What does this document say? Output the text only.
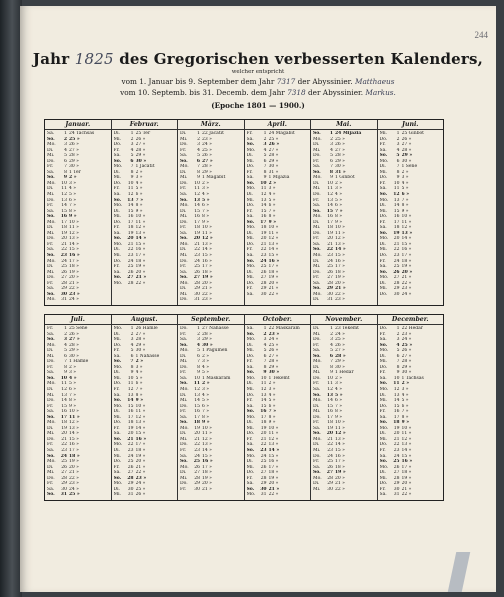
244
Jahr 1825 des Gregorischen verbesserten Kalenders,
welcher entspricht
vom 1. Januar bis 9. September dem Jahr 7317 der Abyssinier. Matthaeus
vom 10. Septemb. bis 31. Decemb. dem Jahr 7318 der Abyssinier. Markus.
(Epoche 1801 — 1900.)
Januar.
Sa.	1 24 Tachsas
So.	2 25 »
Mo.	3 26 »
Di.	4 27 »
Mi.	5 28 »
Do.	6 29 »
Fr.	7 30 »
Sa.	8 1 Ter
So.	9 2 »
Mo.	10 3 »
Di.	11 4 »
Mi.	12 5 »
Do.	13 6 »
Fr.	14 7 »
Sa.	15 8 »
So.	16 9 »
Mo.	17 10 »
Di.	18 11 »
Mi.	19 12 »
Do.	20 13 »
Fr.	21 14 »
Sa.	22 15 »
So.	23 16 »
Mo.	24 17 »
Di.	25 18 »
Mi.	26 19 »
Do.	27 20 »
Fr.	28 21 »
Sa.	29 22 »
So.	30 23 »
Mo.	31 24 »
Februar.
Di.	1 25 Ter
Mi.	2 26 »
Do.	3 27 »
Fr.	4 28 »
Sa.	5 29 »
So.	6 30 »
Mo.	7 1 Jacatit
Di.	8 2 »
Mi.	9 3 »
Do.	10 4 »
Fr.	11 5 »
Sa.	12 6 »
So.	13 7 »
Mo.	14 8 »
Di.	15 9 »
Mi.	16 10 »
Do.	17 11 »
Fr.	18 12 »
Sa.	19 13 »
So.	20 14 »
Mo.	21 15 »
Di.	22 16 »
Mi.	23 17 »
Do.	24 18 »
Fr.	25 19 »
Sa.	26 20 »
So.	27 21 »
Mo.	28 22 »
März.
Di.	1 22 Jacatit
Mi.	2 23 »
Do.	3 24 »
Fr.	4 25 »
Sa.	5 26 »
So.	6 27 »
Mo.	7 28 »
Di.	8 29 »
Mi.	9 1 Magabit
Do.	10 2 »
Fr.	11 3 »
Sa.	12 4 »
So.	13 5 »
Mo.	14 6 »
Di.	15 7 »
Mi.	16 8 »
Do.	17 9 »
Fr.	18 10 »
Sa.	19 11 »
So.	20 12 »
Mo.	21 13 »
Di.	22 14 »
Mi.	23 15 »
Do.	24 16 »
Fr.	25 17 »
Sa.	26 18 »
So.	27 19 »
Mo.	28 20 »
Di.	29 21 »
Mi.	30 22 »
Do.	31 23 »
April.
Fr.	1 24 Magabit
Sa.	2 25 »
So.	3 26 »
Mo.	4 27 »
Di.	5 28 »
Mi.	6 29 »
Do.	7 30 »
Fr.	8 31 »
Sa.	9 1 Mijazia
So.	10 2 »
Mo.	11 3 »
Di.	12 4 »
Mi.	13 5 »
Do.	14 6 »
Fr.	15 7 »
Sa.	16 8 »
So.	17 9 »
Mo.	18 10 »
Di.	19 11 »
Mi.	20 12 »
Do.	21 13 »
Fr.	22 14 »
Sa.	23 15 »
So.	24 16 »
Mo.	25 17 »
Di.	26 18 »
Mi.	27 19 »
Do.	28 20 »
Fr.	29 21 »
Sa.	30 22 »
Mai.
So.	1 24 Mijazia
Mo.	2 25 »
Di.	3 26 »
Mi.	4 27 »
Do.	5 28 »
Fr.	6 29 »
Sa.	7 30 »
So.	8 31 »
Mo.	9 1 Ginbot
Di.	10 2 »
Mi.	11 3 »
Do.	12 4 »
Fr.	13 5 »
Sa.	14 6 »
So.	15 7 »
Mo.	16 8 »
Di.	17 9 »
Mi.	18 10 »
Do.	19 11 »
Fr.	20 12 »
Sa.	21 13 »
So.	22 14 »
Mo.	23 15 »
Di.	24 16 »
Mi.	25 17 »
Do.	26 18 »
Fr.	27 19 »
Sa.	28 20 »
So.	29 21 »
Mo.	30 22 »
Di.	31 23 »
Juni.
Mi.	1 25 Ginbot
Do.	2 26 »
Fr.	3 27 »
Sa.	4 28 »
So.	5 29 »
Mo.	6 30 »
Di.	7 1 Sene
Mi.	8 2 »
Do.	9 3 »
Fr.	10 4 »
Sa.	11 5 »
So.	12 6 »
Mo.	13 7 »
Di.	14 8 »
Mi.	15 9 »
Do.	16 10 »
Fr.	17 11 »
Sa.	18 12 »
So.	19 13 »
Mo.	20 14 »
Di.	21 15 »
Mi.	22 16 »
Do.	23 17 »
Fr.	24 18 »
Sa.	25 19 »
So.	26 20 »
Mo.	27 21 »
Di.	28 22 »
Mi.	29 23 »
Do.	30 24 »
Juli.
Fr.	1 25 Sene
Sa.	2 26 »
So.	3 27 »
Mo.	4 28 »
Di.	5 29 »
Mi.	6 30 »
Do.	7 1 Hamle
Fr.	8 2 »
Sa.	9 3 »
So.	10 4 »
Mo.	11 5 »
Di.	12 6 »
Mi.	13 7 »
Do.	14 8 »
Fr.	15 9 »
Sa.	16 10 »
So.	17 11 »
Mo.	18 12 »
Di.	19 13 »
Mi.	20 14 »
Do.	21 15 »
Fr.	22 16 »
Sa.	23 17 »
So.	24 18 »
Mo.	25 19 »
Di.	26 20 »
Mi.	27 21 »
Do.	28 22 »
Fr.	29 23 »
Sa.	30 24 »
So.	31 25 »
August.
Mo.	1 26 Hamle
Di.	2 27 »
Mi.	3 28 »
Do.	4 29 »
Fr.	5 30 »
Sa.	6 1 Nahasse
So.	7 2 »
Mo.	8 3 »
Di.	9 4 »
Mi.	10 5 »
Do.	11 6 »
Fr.	12 7 »
Sa.	13 8 »
So.	14 9 »
Mo.	15 10 »
Di.	16 11 »
Mi.	17 12 »
Do.	18 13 »
Fr.	19 14 »
Sa.	20 15 »
So.	21 16 »
Mo.	22 17 »
Di.	23 18 »
Mi.	24 19 »
Do.	25 20 »
Fr.	26 21 »
Sa.	27 22 »
So.	28 23 »
Mo.	29 24 »
Di.	30 25 »
Mi.	31 26 »
September.
Do.	1 27 Nahasse
Fr.	2 28 »
Sa.	3 29 »
So.	4 30 »
Mo.	5 1 Pagumen
Di.	6 2 »
Mi.	7 3 »
Do.	8 4 »
Fr.	9 5 »
Sa.	10 1 Maskaram
So.	11 2 »
Mo.	12 3 »
Di.	13 4 »
Mi.	14 5 »
Do.	15 6 »
Fr.	16 7 »
Sa.	17 8 »
So.	18 9 »
Mo.	19 10 »
Di.	20 11 »
Mi.	21 12 »
Do.	22 13 »
Fr.	23 14 »
Sa.	24 15 »
So.	25 16 »
Mo.	26 17 »
Di.	27 18 »
Mi.	28 19 »
Do.	29 20 »
Fr.	30 21 »
October.
Sa.	1 22 Maskaram
So.	2 23 »
Mo.	3 24 »
Di.	4 25 »
Mi.	5 26 »
Do.	6 27 »
Fr.	7 28 »
Sa.	8 29 »
So.	9 30 »
Mo.	10 1 Tekemt
Di.	11 2 »
Mi.	12 3 »
Do.	13 4 »
Fr.	14 5 »
Sa.	15 6 »
So.	16 7 »
Mo.	17 8 »
Di.	18 9 »
Mi.	19 10 »
Do.	20 11 »
Fr.	21 12 »
Sa.	22 13 »
So.	23 14 »
Mo.	24 15 »
Di.	25 16 »
Mi.	26 17 »
Do.	27 18 »
Fr.	28 19 »
Sa.	29 20 »
So.	30 21 »
Mo.	31 22 »
November.
Di.	1 23 Tekemt
Mi.	2 24 »
Do.	3 25 »
Fr.	4 26 »
Sa.	5 27 »
So.	6 28 »
Mo.	7 29 »
Di.	8 30 »
Mi.	9 1 Hedar
Do.	10 2 »
Fr.	11 3 »
Sa.	12 4 »
So.	13 5 »
Mo.	14 6 »
Di.	15 7 »
Mi.	16 8 »
Do.	17 9 »
Fr.	18 10 »
Sa.	19 11 »
So.	20 12 »
Mo.	21 13 »
Di.	22 14 »
Mi.	23 15 »
Do.	24 16 »
Fr.	25 17 »
Sa.	26 18 »
So.	27 19 »
Mo.	28 20 »
Di.	29 21 »
Mi.	30 22 »
December.
Do.	1 22 Hedar
Fr.	2 23 »
Sa.	3 24 »
So.	4 25 »
Mo.	5 26 »
Di.	6 27 »
Mi.	7 28 »
Do.	8 29 »
Fr.	9 30 »
Sa.	10 1 Tachsas
So.	11 2 »
Mo.	12 3 »
Di.	13 4 »
Mi.	14 5 »
Do.	15 6 »
Fr.	16 7 »
Sa.	17 8 »
So.	18 9 »
Mo.	19 10 »
Di.	20 11 »
Mi.	21 12 »
Do.	22 13 »
Fr.	23 14 »
Sa.	24 15 »
So.	25 16 »
Mo.	26 17 »
Di.	27 18 »
Mi.	28 19 »
Do.	29 20 »
Fr.	30 21 »
Sa.	31 22 »
